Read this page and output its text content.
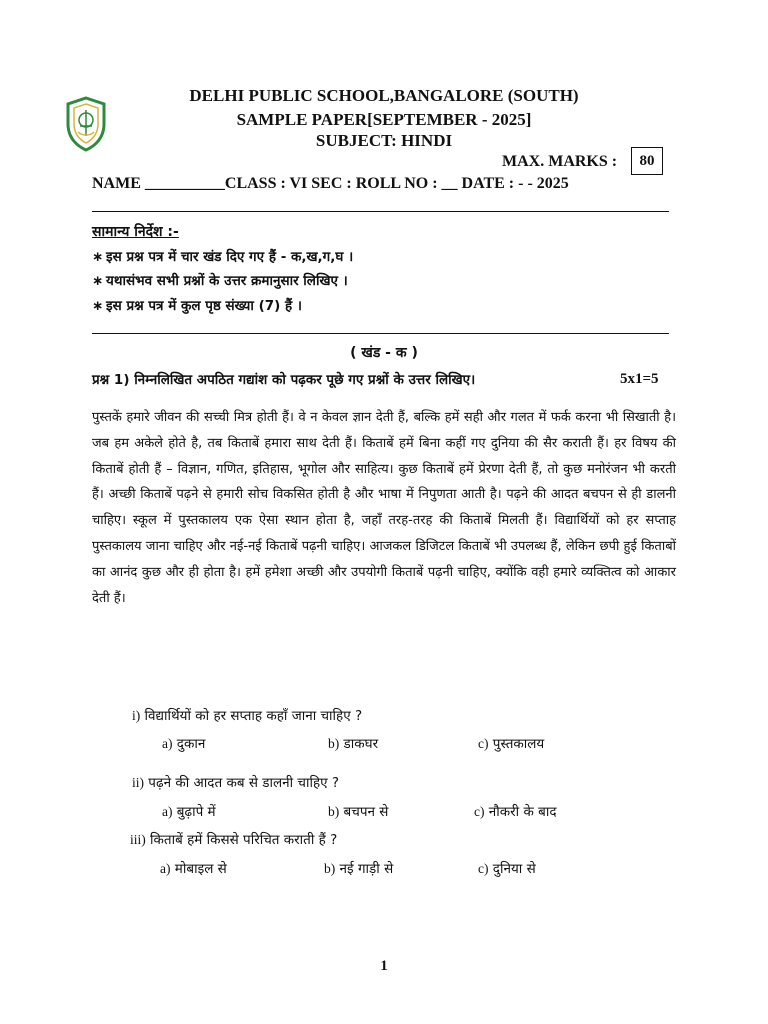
DELHI PUBLIC SCHOOL,BANGALORE (SOUTH)
SAMPLE PAPER[SEPTEMBER - 2025]
SUBJECT: HINDI
MAX. MARKS :	80
NAME __________CLASS : VI SEC : ROLL NO : __ DATE : - - 2025
सामान्य निर्देश :-
∗ इस प्रश्न पत्र में चार खंड दिए गए हैं - क,ख,ग,घ ।
∗ यथासंभव सभी प्रश्नों के उत्तर क्रमानुसार लिखिए ।
∗ इस प्रश्न पत्र में कुल पृष्ठ संख्या (7) हैं ।
( खंड - क )
प्रश्न 1) निम्नलिखित अपठित गद्यांश को पढ़कर पूछे गए प्रश्नों के उत्तर लिखिए।	5x1=5
पुस्तकें हमारे जीवन की सच्ची मित्र होती हैं। वे न केवल ज्ञान देती हैं, बल्कि हमें सही और गलत में फर्क करना भी सिखाती है। जब हम अकेले होते है, तब किताबें हमारा साथ देती हैं। किताबें हमें बिना कहीं गए दुनिया की सैर कराती हैं। हर विषय की किताबें होती हैं – विज्ञान, गणित, इतिहास, भूगोल और साहित्य। कुछ किताबें हमें प्रेरणा देती हैं, तो कुछ मनोरंजन भी करती हैं। अच्छी किताबें पढ़ने से हमारी सोच विकसित होती है और भाषा में निपुणता आती है। पढ़ने की आदत बचपन से ही डालनी चाहिए। स्कूल में पुस्तकालय एक ऐसा स्थान होता है, जहाँ तरह-तरह की किताबें मिलती हैं। विद्यार्थियों को हर सप्ताह पुस्तकालय जाना चाहिए और नई-नई किताबें पढ़नी चाहिए। आजकल डिजिटल किताबें भी उपलब्ध हैं, लेकिन छपी हुई किताबों का आनंद कुछ और ही होता है। हमें हमेशा अच्छी और उपयोगी किताबें पढ़नी चाहिए, क्योंकि वही हमारे व्यक्तित्व को आकार देती हैं।
i) विद्यार्थियों को हर सप्ताह कहाँ जाना चाहिए ?
a) दुकान	b) डाकघर	c) पुस्तकालय
ii) पढ़ने की आदत कब से डालनी चाहिए ?
a) बुढ़ापे में	b) बचपन से	c) नौकरी के बाद
iii) किताबें हमें किससे परिचित कराती हैं ?
a) मोबाइल से	b) नई गाड़ी से	c) दुनिया से
1
